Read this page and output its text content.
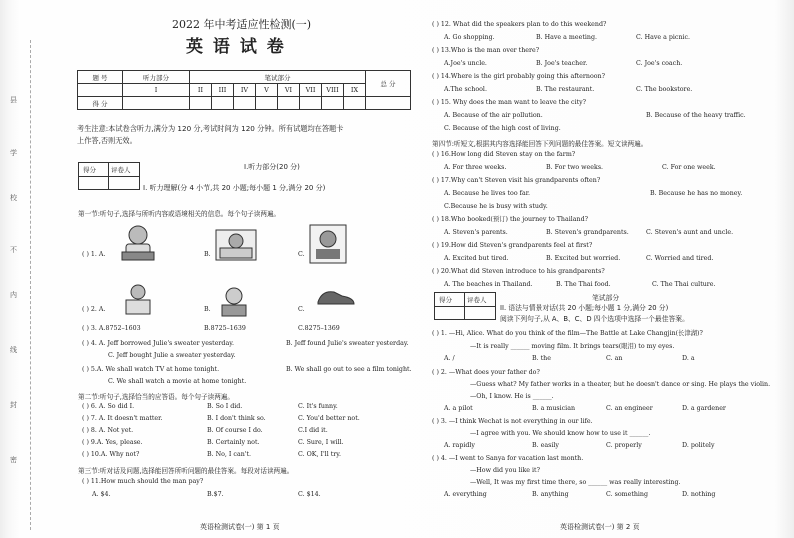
县
学
校
不
内
线
封
密
2022 年中考适应性检测(一)
英 语 试 卷
题 号	听力部分	笔试部分								总 分
	I	II	III	IV	V	VI	VII	VIII	IX	
得 分										
考生注意:本试卷含听力,满分为 120 分,考试时间为 120 分钟。所有试题均在答题卡
上作答,否则无效。
得分 评卷人	I.听力部分(20 分)
I. 听力理解(分 4 小节,共 20 小题;每小题 1 分,满分 20 分)
第一节:听句子,选择与所听内容或语境相关的信息。每个句子读两遍。
( ) 1. A.	B.	C.
( ) 2. A.	B.	C.
( ) 3. A.8752–1603	B.8725–1639	C.8275–1369
( ) 4. A. Jeff borrowed Julie's sweater yesterday.	B. Jeff found Julie's sweater yesterday.
C. Jeff bought Julie a sweater yesterday.
( ) 5.A. We shall watch TV at home tonight.	B. We shall go out to see a film tonight.
C. We shall watch a movie at home tonight.
第二节:听句子,选择恰当的应答语。每个句子读两遍。
( ) 6. A. So did I.	B. So I did.	C. It's funny.
( ) 7. A. It doesn't matter.	B. I don't think so.	C. You'd better not.
( ) 8. A. Not yet.	B. Of course I do.	C.I did it.
( ) 9.A. Yes, please.	B. Certainly not.	C. Sure, I will.
( ) 10.A. Why not?	B. No, I can't.	C. OK, I'll try.
第三节:听对话及问题,选择能回答所听问题的最佳答案。每段对话读两遍。
( ) 11.How much should the man pay?
A. $4.	B.$7.	C. $14.
英语检测试卷(一) 第 1 页
( ) 12. What did the speakers plan to do this weekend?
A. Go shopping.	B. Have a meeting.	C. Have a picnic.
( ) 13.Who is the man over there?
A.Joe's uncle.	B. Joe's teacher.	C. Joe's coach.
( ) 14.Where is the girl probably going this afternoon?
A.The school.	B. The restaurant.	C. The bookstore.
( ) 15. Why does the man want to leave the city?
A. Because of the air pollution.	B. Because of the heavy traffic.
C. Because of the high cost of living.
第四节:听短文,根据其内容选择能回答下列问题的最佳答案。短文读两遍。
( ) 16.How long did Steven stay on the farm?
A. For three weeks.	B. For two weeks.	C. For one week.
( ) 17.Why can't Steven visit his grandparents often?
A. Because he lives too far.	B. Because he has no money.
C.Because he is busy with study.
( ) 18.Who booked(预订) the journey to Thailand?
A. Steven's parents.	B. Steven's grandparents.	C. Steven's aunt and uncle.
( ) 19.How did Steven's grandparents feel at first?
A. Excited but tired.	B. Excited but worried.	C. Worried and tired.
( ) 20.What did Steven introduce to his grandparents?
A. The beaches in Thailand.	B. The Thai food.	C. The Thai culture.
得分 评卷人	笔试部分
II. 语法与情景对话(共 20 小题;每小题 1 分,满分 20 分)
阅读下列句子,从 A、B、C、D 四个选项中选择一个最佳答案。
( ) 1. —Hi, Alice. What do you think of the film—The Battle at Lake Changjin(长津湖)?
—It is really ______ moving film. It brings tears(眼泪) to my eyes.
A. /	B. the	C. an	D. a
( ) 2. —What does your father do?
—Guess what? My father works in a theater, but he doesn't dance or sing. He plays the violin.
—Oh, I know. He is ______.
A. a pilot	B. a musician	C. an engineer	D. a gardener
( ) 3. —I think Wechat is not everything in our life.
—I agree with you. We should know how to use it ______.
A. rapidly	B. easily	C. properly	D. politely
( ) 4. —I went to Sanya for vacation last month.
—How did you like it?
—Well, It was my first time there, so ______ was really interesting.
A. everything	B. anything	C. something	D. nothing
英语检测试卷(一) 第 2 页
